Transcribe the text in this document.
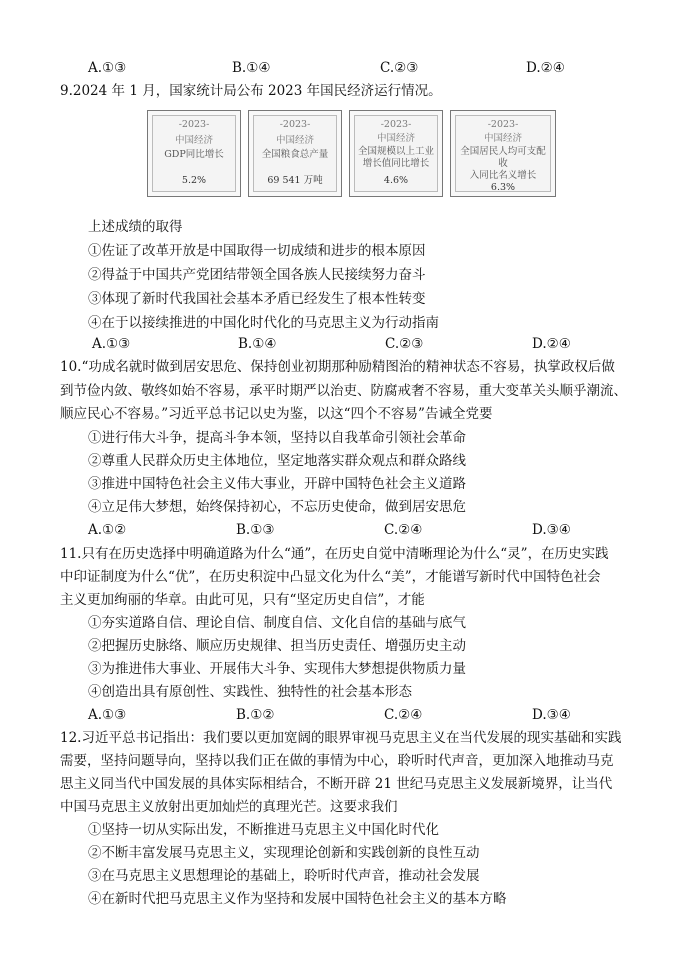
A.①③	B.①④	C.②③	D.②④
9.2024 年 1 月，国家统计局公布 2023 年国民经济运行情况。
-2023-
中国经济
GDP同比增长
5.2%
-2023-
中国经济
全国粮食总产量
69 541 万吨
-2023-
中国经济
全国规模以上工业
增长值同比增长
4.6%
-2023-
中国经济
全国居民人均可支配收
入同比名义增长
6.3%
上述成绩的取得
①佐证了改革开放是中国取得一切成绩和进步的根本原因
②得益于中国共产党团结带领全国各族人民接续努力奋斗
③体现了新时代我国社会基本矛盾已经发生了根本性转变
④在于以接续推进的中国化时代化的马克思主义为行动指南
A.①③	B.①④	C.②③	D.②④
10.“功成名就时做到居安思危、保持创业初期那种励精图治的精神状态不容易，执掌政权后做
到节俭内敛、敬终如始不容易，承平时期严以治吏、防腐戒奢不容易，重大变革关头顺乎潮流、
顺应民心不容易。”习近平总书记以史为鉴，以这“四个不容易”告诫全党要
①进行伟大斗争，提高斗争本领，坚持以自我革命引领社会革命
②尊重人民群众历史主体地位，坚定地落实群众观点和群众路线
③推进中国特色社会主义伟大事业，开辟中国特色社会主义道路
④立足伟大梦想，始终保持初心，不忘历史使命，做到居安思危
A.①②	B.①③	C.②④	D.③④
11.只有在历史选择中明确道路为什么“通”，在历史自觉中清晰理论为什么“灵”，在历史实践
中印证制度为什么“优”，在历史积淀中凸显文化为什么“美”，才能谱写新时代中国特色社会
主义更加绚丽的华章。由此可见，只有“坚定历史自信”，才能
①夯实道路自信、理论自信、制度自信、文化自信的基础与底气
②把握历史脉络、顺应历史规律、担当历史责任、增强历史主动
③为推进伟大事业、开展伟大斗争、实现伟大梦想提供物质力量
④创造出具有原创性、实践性、独特性的社会基本形态
A.①③	B.①②	C.②④	D.③④
12.习近平总书记指出：我们要以更加宽阔的眼界审视马克思主义在当代发展的现实基础和实践
需要，坚持问题导向，坚持以我们正在做的事情为中心，聆听时代声音，更加深入地推动马克
思主义同当代中国发展的具体实际相结合，不断开辟 21 世纪马克思主义发展新境界，让当代
中国马克思主义放射出更加灿烂的真理光芒。这要求我们
①坚持一切从实际出发，不断推进马克思主义中国化时代化
②不断丰富发展马克思主义，实现理论创新和实践创新的良性互动
③在马克思主义思想理论的基础上，聆听时代声音，推动社会发展
④在新时代把马克思主义作为坚持和发展中国特色社会主义的基本方略
